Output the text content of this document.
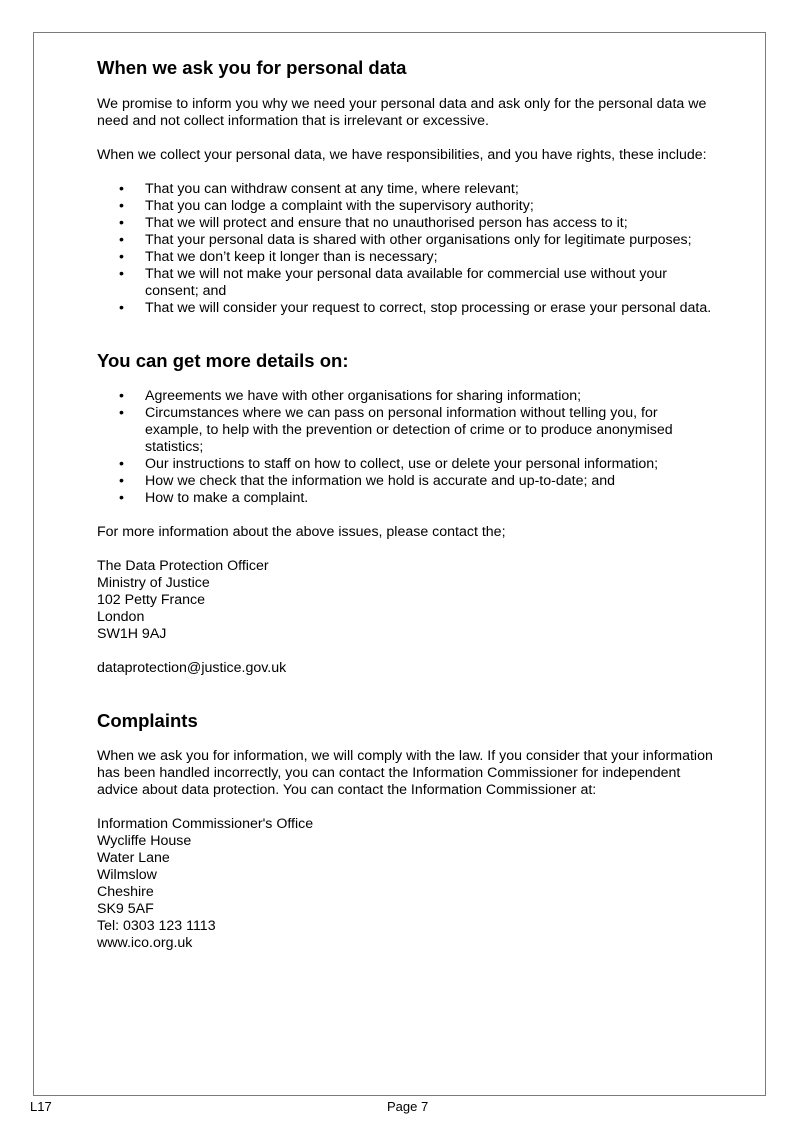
When we ask you for personal data

We promise to inform you why we need your personal data and ask only for the personal data we need and not collect information that is irrelevant or excessive.

When we collect your personal data, we have responsibilities, and you have rights, these include:

• That you can withdraw consent at any time, where relevant;
• That you can lodge a complaint with the supervisory authority;
• That we will protect and ensure that no unauthorised person has access to it;
• That your personal data is shared with other organisations only for legitimate purposes;
• That we don’t keep it longer than is necessary;
• That we will not make your personal data available for commercial use without your consent; and
• That we will consider your request to correct, stop processing or erase your personal data.
You can get more details on:
• Agreements we have with other organisations for sharing information;
• Circumstances where we can pass on personal information without telling you, for example, to help with the prevention or detection of crime or to produce anonymised statistics;
• Our instructions to staff on how to collect, use or delete your personal information;
• How we check that the information we hold is accurate and up-to-date; and
• How to make a complaint.

For more information about the above issues, please contact the;

The Data Protection Officer

Ministry of Justice

102 Petty France

London

SW1H 9AJ

dataprotection@justice.gov.uk

Complaints

When we ask you for information, we will comply with the law. If you consider that your information has been handled incorrectly, you can contact the Information Commissioner for independent advice about data protection. You can contact the Information Commissioner at:

Information Commissioner's Office

Wycliffe House

Water Lane

Wilmslow

Cheshire

SK9 5AF

Tel: 0303 123 1113

www.ico.org.uk

L17	Page 7
